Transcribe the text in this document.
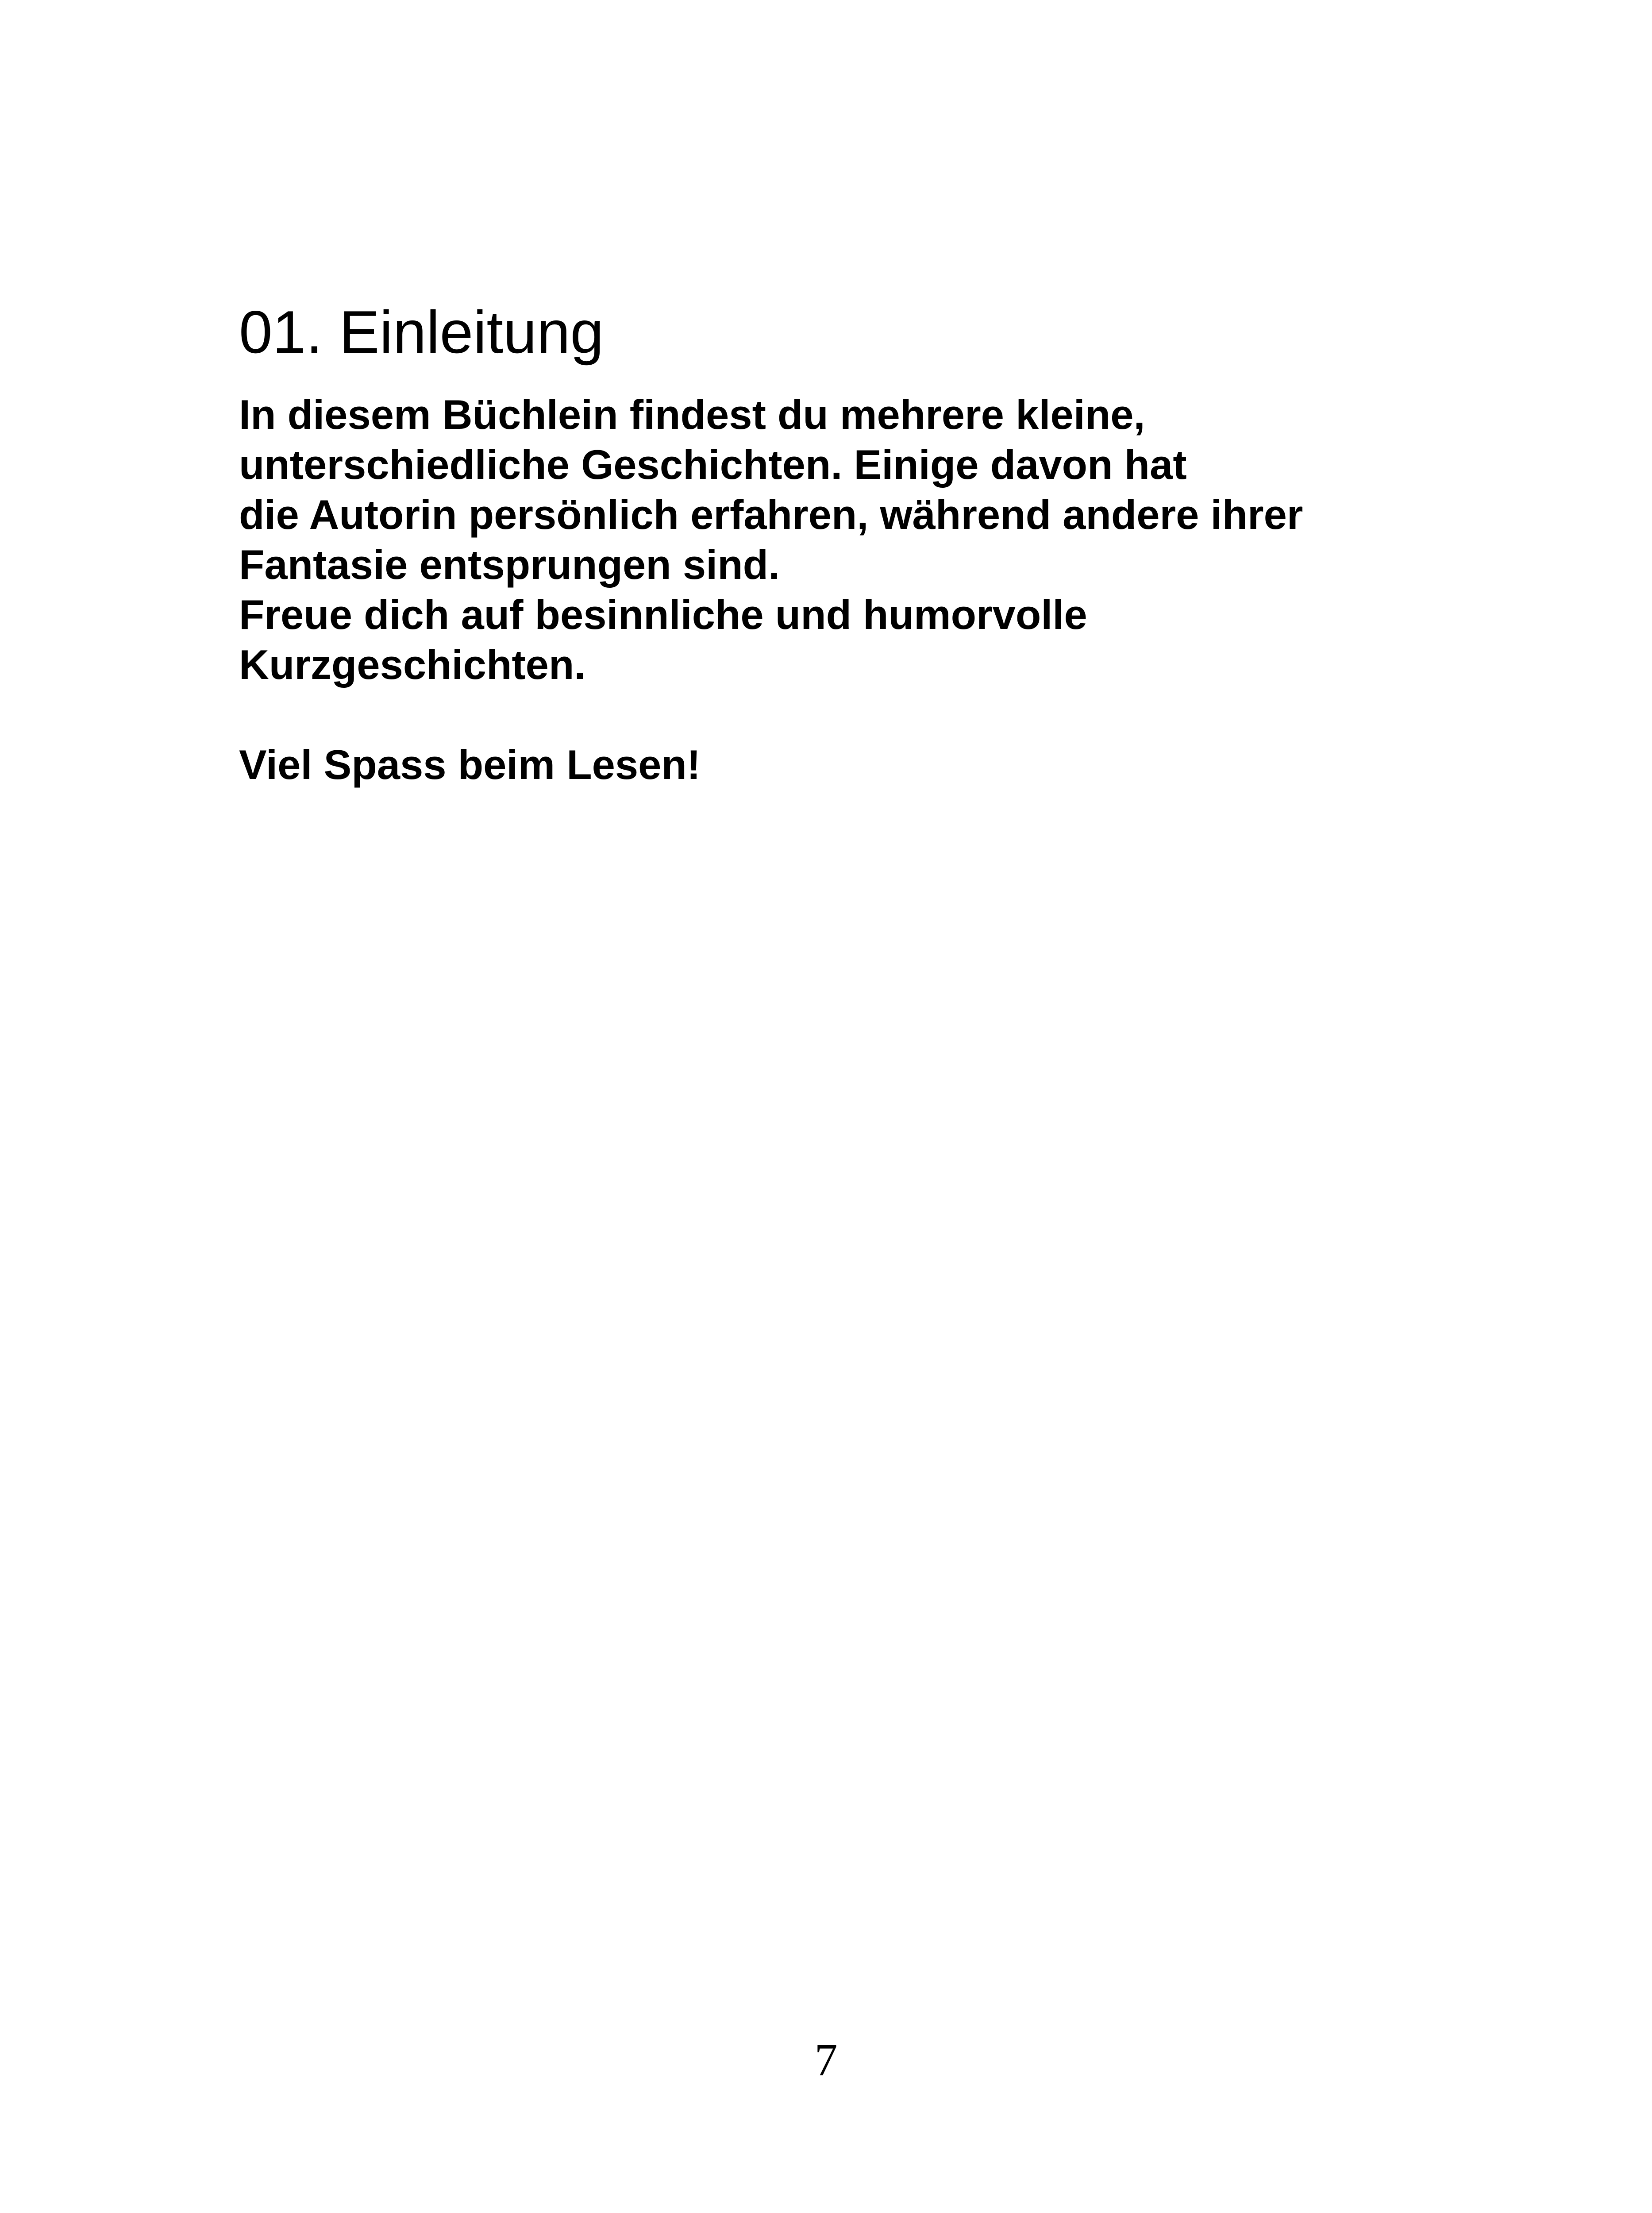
01. Einleitung
In diesem Büchlein findest du mehrere kleine,
unterschiedliche Geschichten. Einige davon hat
die Autorin persönlich erfahren, während andere ihrer
Fantasie entsprungen sind.
Freue dich auf besinnliche und humorvolle
Kurzgeschichten.
Viel Spass beim Lesen!
7
